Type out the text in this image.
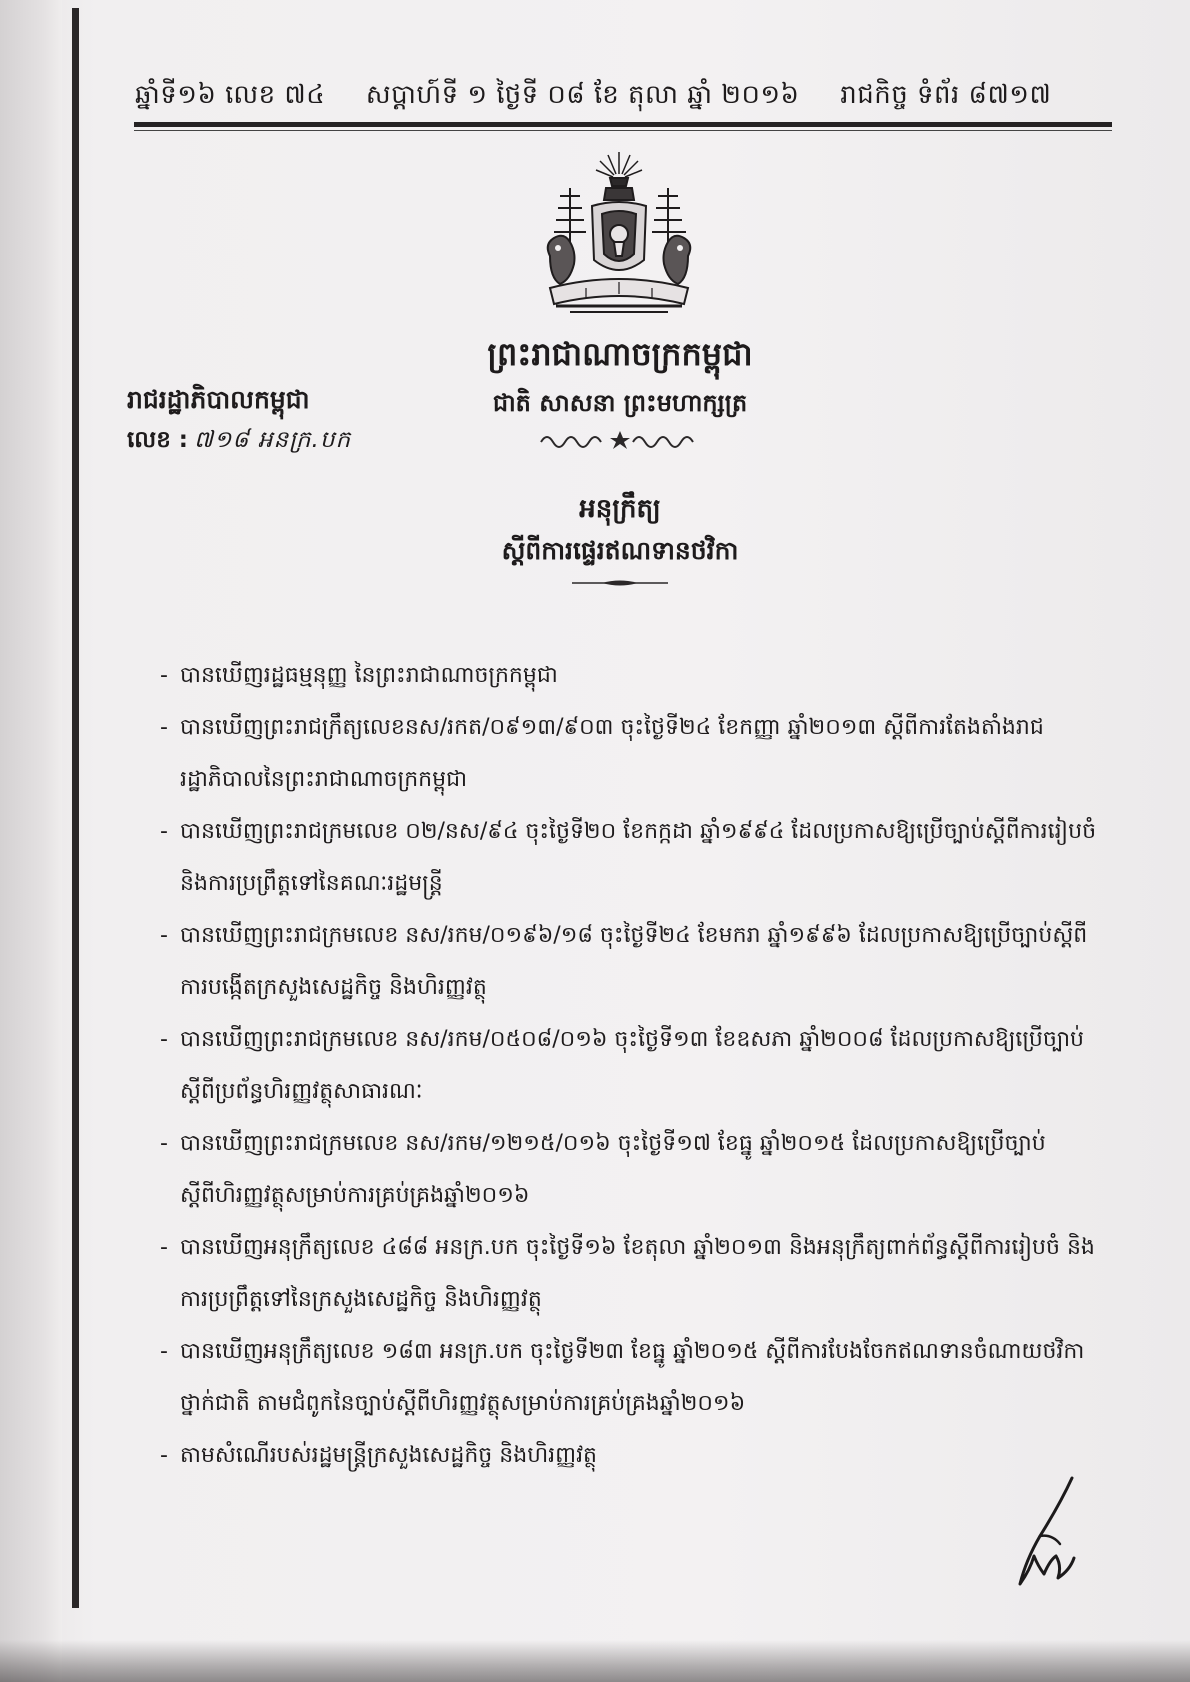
ឆ្នាំទី១៦ លេខ ៧៤ សប្តាហ៍ទី ១ ថ្ងៃទី ០៨ ខែ តុលា ឆ្នាំ ២០១៦ រាជកិច្ច ទំព័រ ៨៧១៧
ព្រះរាជាណាចក្រកម្ពុជា
ជាតិ សាសនា ព្រះមហាក្សត្រ
រាជរដ្ឋាភិបាលកម្ពុជា
លេខ : ៧១៨ អនក្រ.បក
អនុក្រឹត្យ
ស្តីពីការផ្ទេរឥណទានថវិកា
- បានឃើញរដ្ឋធម្មនុញ្ញ នៃព្រះរាជាណាចក្រកម្ពុជា
- បានឃើញព្រះរាជក្រឹត្យលេខនស/រកត/០៩១៣/៩០៣ ចុះថ្ងៃទី២៤ ខែកញ្ញា ឆ្នាំ២០១៣ ស្តីពីការតែងតាំងរាជរដ្ឋាភិបាលនៃព្រះរាជាណាចក្រកម្ពុជា
- បានឃើញព្រះរាជក្រមលេខ ០២/នស/៩៤ ចុះថ្ងៃទី២០ ខែកក្កដា ឆ្នាំ១៩៩៤ ដែលប្រកាសឱ្យប្រើច្បាប់ស្តីពីការរៀបចំ និងការប្រព្រឹត្តទៅនៃគណៈរដ្ឋមន្ត្រី
- បានឃើញព្រះរាជក្រមលេខ នស/រកម/០១៩៦/១៨ ចុះថ្ងៃទី២៤ ខែមករា ឆ្នាំ១៩៩៦ ដែលប្រកាសឱ្យប្រើច្បាប់ស្តីពីការបង្កើតក្រសួងសេដ្ឋកិច្ច និងហិរញ្ញវត្ថុ
- បានឃើញព្រះរាជក្រមលេខ នស/រកម/០៥០៨/០១៦ ចុះថ្ងៃទី១៣ ខែឧសភា ឆ្នាំ២០០៨ ដែលប្រកាសឱ្យប្រើច្បាប់ស្តីពីប្រព័ន្ធហិរញ្ញវត្ថុសាធារណៈ
- បានឃើញព្រះរាជក្រមលេខ នស/រកម/១២១៥/០១៦ ចុះថ្ងៃទី១៧ ខែធ្នូ ឆ្នាំ២០១៥ ដែលប្រកាសឱ្យប្រើច្បាប់ស្តីពីហិរញ្ញវត្ថុសម្រាប់ការគ្រប់គ្រងឆ្នាំ២០១៦
- បានឃើញអនុក្រឹត្យលេខ ៤៨៨ អនក្រ.បក ចុះថ្ងៃទី១៦ ខែតុលា ឆ្នាំ២០១៣ និងអនុក្រឹត្យពាក់ព័ន្ធស្តីពីការរៀបចំ និងការប្រព្រឹត្តទៅនៃក្រសួងសេដ្ឋកិច្ច និងហិរញ្ញវត្ថុ
- បានឃើញអនុក្រឹត្យលេខ ១៨៣ អនក្រ.បក ចុះថ្ងៃទី២៣ ខែធ្នូ ឆ្នាំ២០១៥ ស្តីពីការបែងចែកឥណទានចំណាយថវិកាថ្នាក់ជាតិ តាមជំពូកនៃច្បាប់ស្តីពីហិរញ្ញវត្ថុសម្រាប់ការគ្រប់គ្រងឆ្នាំ២០១៦
- តាមសំណើរបស់រដ្ឋមន្ត្រីក្រសួងសេដ្ឋកិច្ច និងហិរញ្ញវត្ថុ
